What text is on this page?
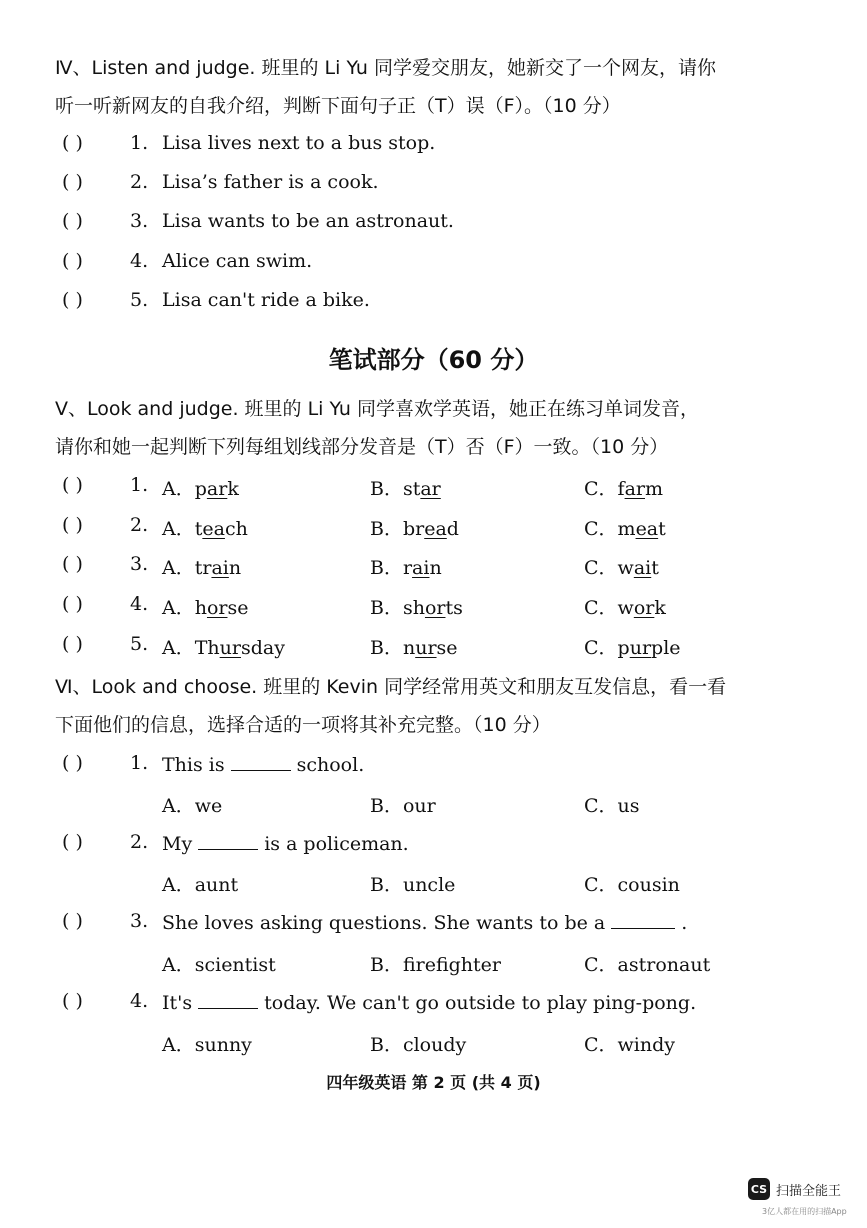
Ⅳ、Listen and judge. 班里的 Li Yu 同学爱交朋友，她新交了一个网友，请你
听一听新网友的自我介绍，判断下面句子正（T）误（F）。（10 分）
( ) 1. Lisa lives next to a bus stop.
( ) 2. Lisa’s father is a cook.
( ) 3. Lisa wants to be an astronaut.
( ) 4. Alice can swim.
( ) 5. Lisa can't ride a bike.
笔试部分（60 分）
Ⅴ、Look and judge. 班里的 Li Yu 同学喜欢学英语，她正在练习单词发音，
请你和她一起判断下列每组划线部分发音是（T）否（F）一致。（10 分）
( ) 1. A．park	B．star	C．farm
( ) 2. A．teach	B．bread	C．meat
( ) 3. A．train	B．rain	C．wait
( ) 4. A．horse	B．shorts	C．work
( ) 5. A．Thursday	B．nurse	C．purple
Ⅵ、Look and choose. 班里的 Kevin 同学经常用英文和朋友互发信息，看一看
下面他们的信息，选择合适的一项将其补充完整。（10 分）
( ) 1. This is	school.
A．we	B．our	C．us
( ) 2. My	is a policeman.
A．aunt	B．uncle	C．cousin
( ) 3. She loves asking questions. She wants to be a	.
A．scientist	B．firefighter	C．astronaut
( ) 4. It's	today. We can't go outside to play ping-pong.
A．sunny	B．cloudy	C．windy
四年级英语 第 2 页 (共 4 页)
CS 扫描全能王
3亿人都在用的扫描App
